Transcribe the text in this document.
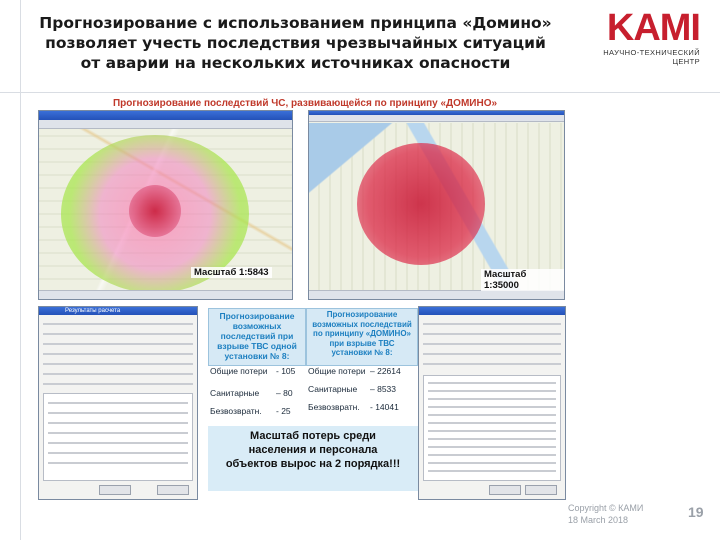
Прогнозирование с использованием принципа «Домино»
позволяет учесть последствия чрезвычайных ситуаций
от аварии на нескольких источниках опасности
KAMI
НАУЧНО-ТЕХНИЧЕСКИЙ ЦЕНТР
Прогнозирование последствий ЧС, развивающейся по принципу «ДОМИНО»
Масштаб 1:5843	Масштаб 1:35000
Результаты расчета	Прогнозирование возможных последствий при взрыве ТВС одной установки № 8:
Общие потери - 105
Санитарные – 80
Безвозвратн. - 25
Прогнозирование возможных последствий по принципу «ДОМИНО» при взрыве ТВС установки № 8:
Общие потери – 22614
Санитарные – 8533
Безвозвратн. - 14041
Масштаб потерь среди
населения и персонала
объектов вырос на 2 порядка!!!
Copyright © КАМИ
18 March 2018	19
